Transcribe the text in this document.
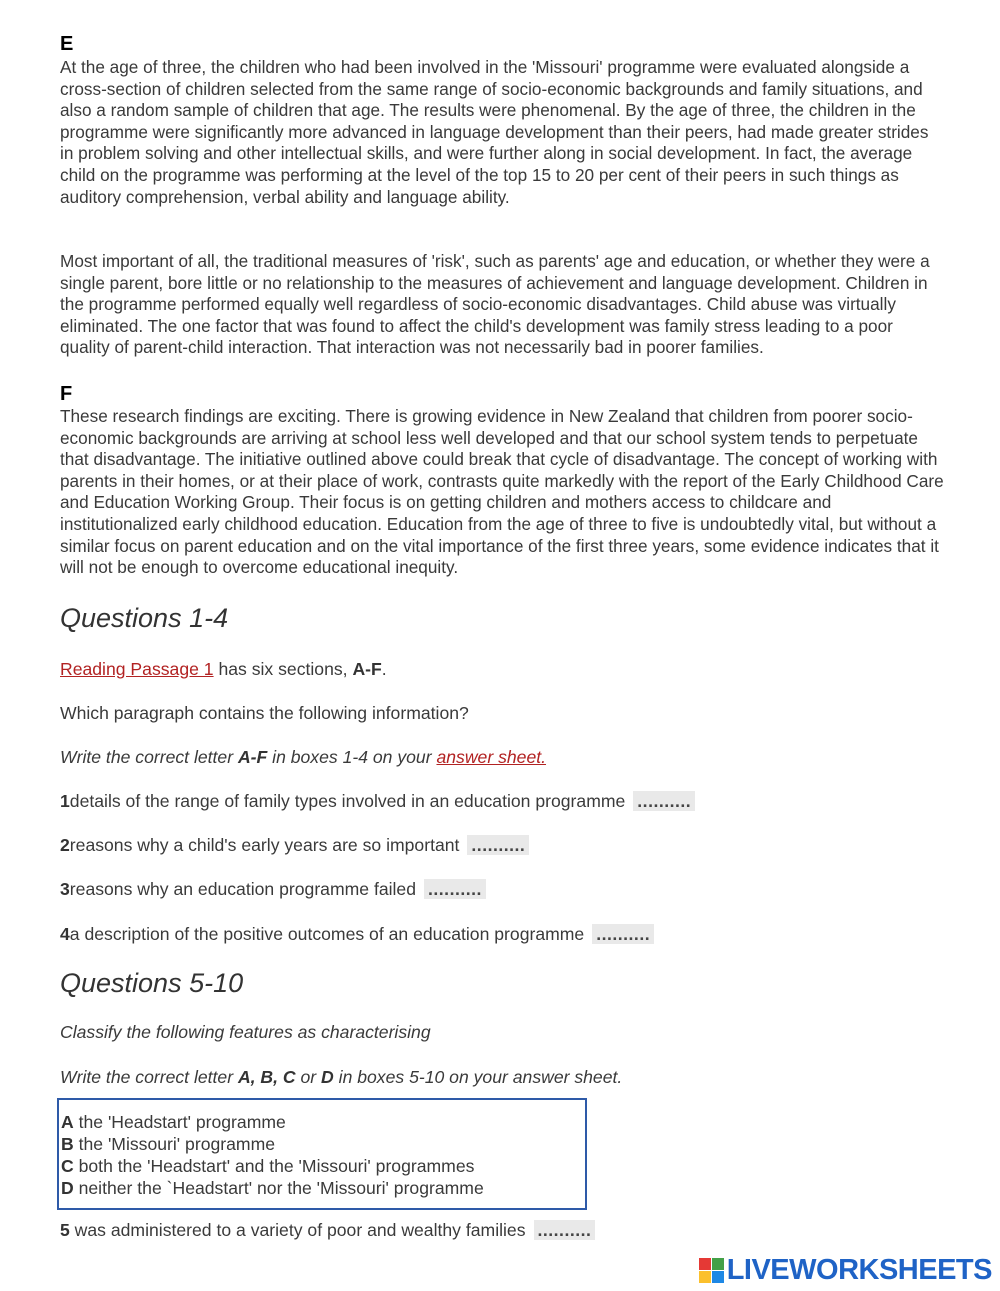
E

At the age of three, the children who had been involved in the 'Missouri' programme were evaluated alongside a cross-section of children selected from the same range of socio-economic backgrounds and family situations, and also a random sample of children that age. The results were phenomenal. By the age of three, the children in the programme were significantly more advanced in language development than their peers, had made greater strides in problem solving and other intellectual skills, and were further along in social development. In fact, the average child on the programme was performing at the level of the top 15 to 20 per cent of their peers in such things as auditory comprehension, verbal ability and language ability.

Most important of all, the traditional measures of 'risk', such as parents' age and education, or whether they were a single parent, bore little or no relationship to the measures of achievement and language development. Children in the programme performed equally well regardless of socio-economic disadvantages. Child abuse was virtually eliminated. The one factor that was found to affect the child's development was family stress leading to a poor quality of parent-child interaction. That interaction was not necessarily bad in poorer families.

F

These research findings are exciting. There is growing evidence in New Zealand that children from poorer socio-economic backgrounds are arriving at school less well developed and that our school system tends to perpetuate that disadvantage. The initiative outlined above could break that cycle of disadvantage. The concept of working with parents in their homes, or at their place of work, contrasts quite markedly with the report of the Early Childhood Care and Education Working Group. Their focus is on getting children and mothers access to childcare and institutionalized early childhood education. Education from the age of three to five is undoubtedly vital, but without a similar focus on parent education and on the vital importance of the first three years, some evidence indicates that it will not be enough to overcome educational inequity.

Questions 1-4
Reading Passage 1 has six sections, A-F.
Which paragraph contains the following information?
Write the correct letter A-F in boxes 1-4 on your answer sheet.
1details of the range of family types involved in an education programme ..........
2reasons why a child's early years are so important ..........
3reasons why an education programme failed ..........
4a description of the positive outcomes of an education programme ..........
Questions 5-10
Classify the following features as characterising
Write the correct letter A, B, C or D in boxes 5-10 on your answer sheet.
A the 'Headstart' programme
B the 'Missouri' programme
C both the 'Headstart' and the 'Missouri' programmes
D neither the `Headstart' nor the 'Missouri' programme
5 was administered to a variety of poor and wealthy families ..........
LIVEWORKSHEETS
